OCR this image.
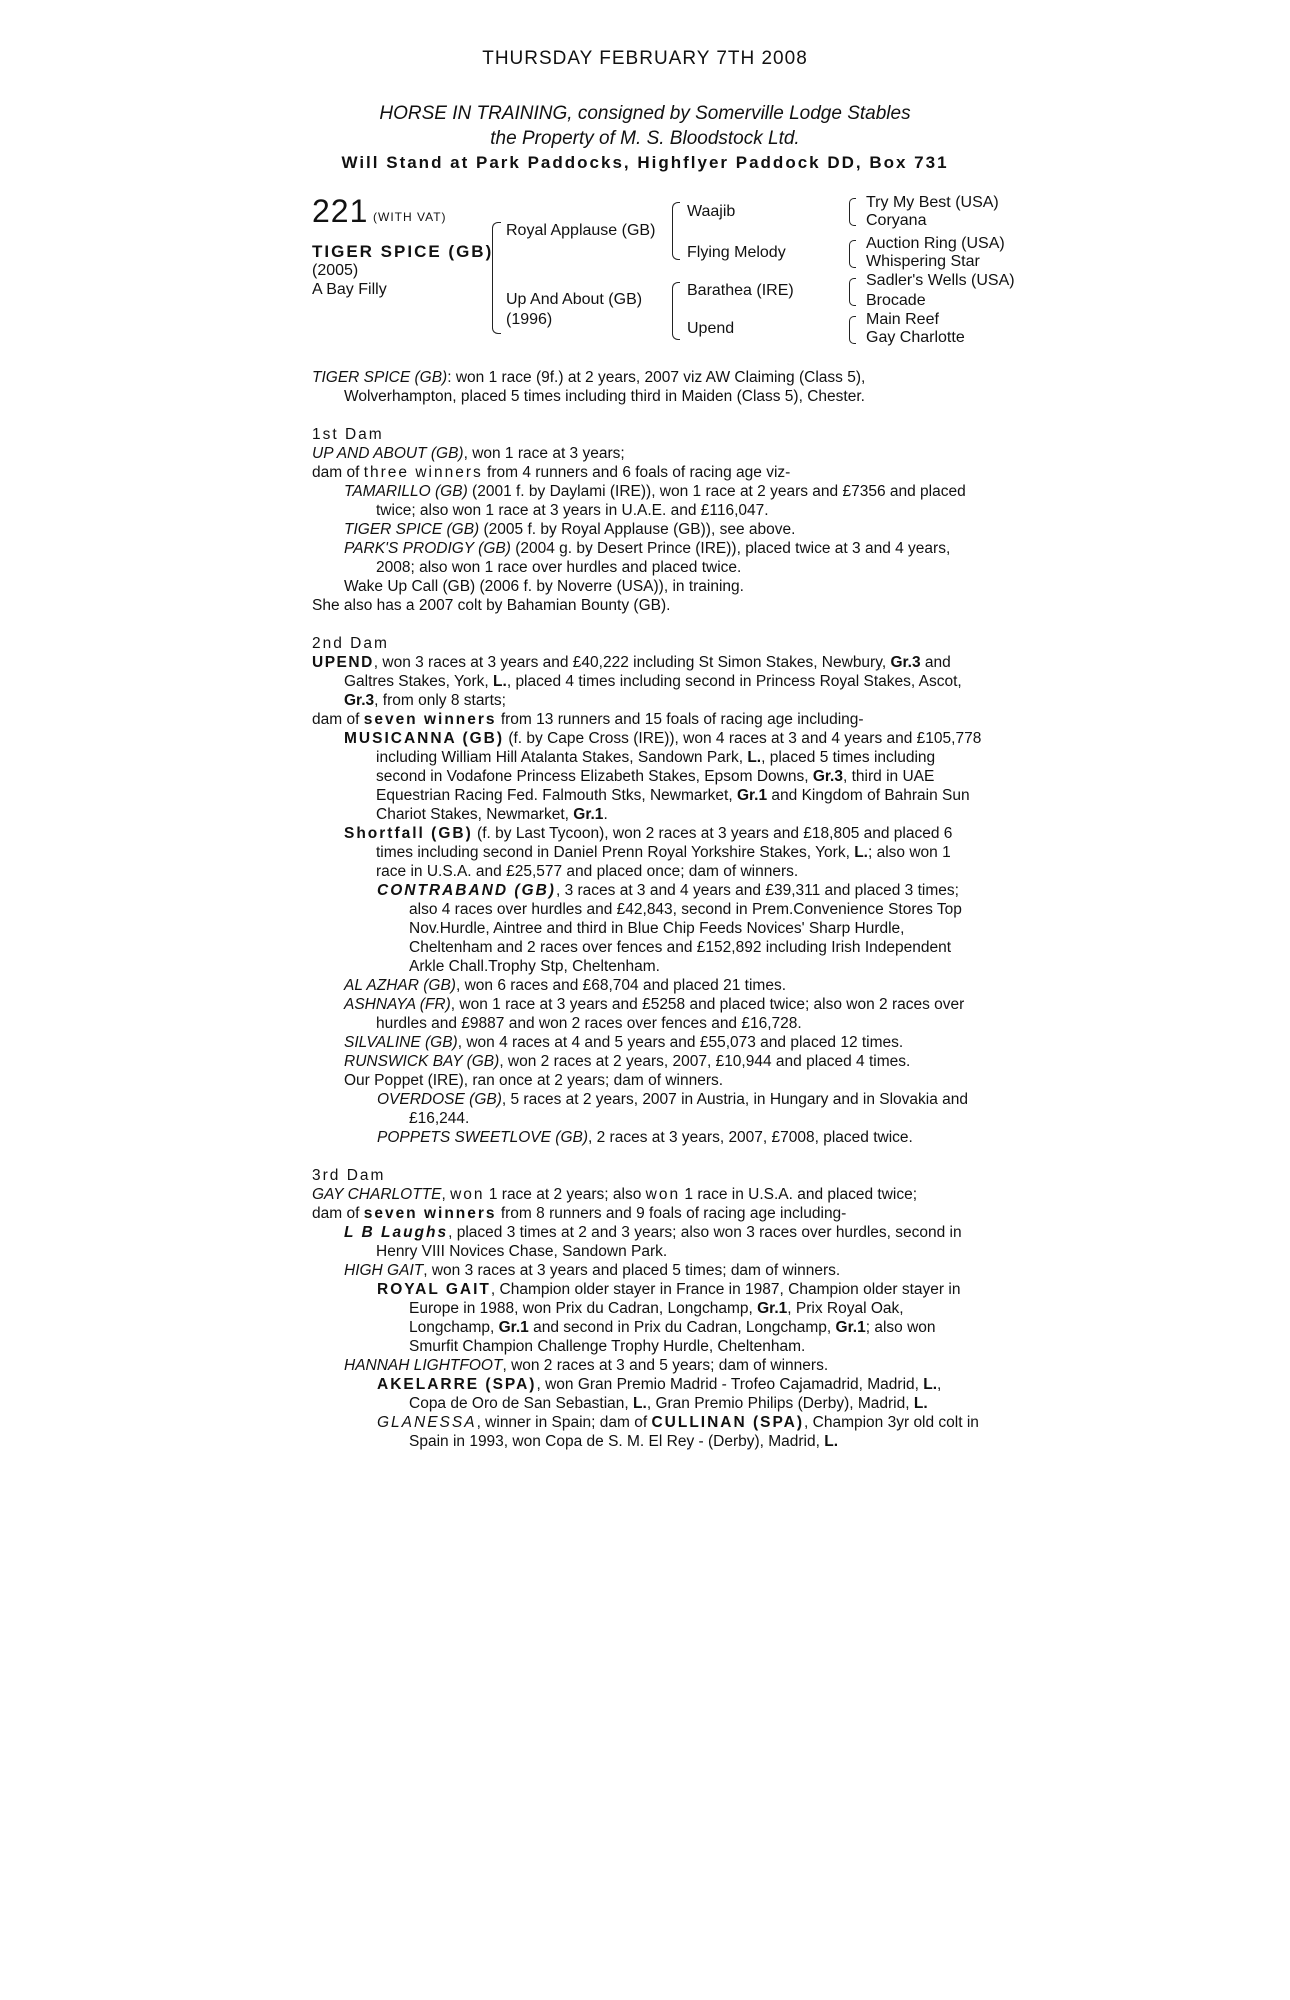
THURSDAY FEBRUARY 7TH 2008
HORSE IN TRAINING, consigned by Somerville Lodge Stables
the Property of M. S. Bloodstock Ltd.
Will Stand at Park Paddocks, Highflyer Paddock DD, Box 731
221 (WITH VAT)
TIGER SPICE (GB)
(2005)
A Bay Filly
Royal Applause (GB)
Up And About (GB)
(1996)
Waajib
Flying Melody
Barathea (IRE)
Upend
Try My Best (USA)
Coryana
Auction Ring (USA)
Whispering Star
Sadler's Wells (USA)
Brocade
Main Reef
Gay Charlotte

TIGER SPICE (GB): won 1 race (9f.) at 2 years, 2007 viz AW Claiming (Class 5), Wolverhampton, placed 5 times including third in Maiden (Class 5), Chester.

1st Dam

UP AND ABOUT (GB), won 1 race at 3 years;

dam of three winners from 4 runners and 6 foals of racing age viz-

TAMARILLO (GB) (2001 f. by Daylami (IRE)), won 1 race at 2 years and £7356 and placed twice; also won 1 race at 3 years in U.A.E. and £116,047.

TIGER SPICE (GB) (2005 f. by Royal Applause (GB)), see above.

PARK'S PRODIGY (GB) (2004 g. by Desert Prince (IRE)), placed twice at 3 and 4 years, 2008; also won 1 race over hurdles and placed twice.

Wake Up Call (GB) (2006 f. by Noverre (USA)), in training.

She also has a 2007 colt by Bahamian Bounty (GB).

2nd Dam

UPEND, won 3 races at 3 years and £40,222 including St Simon Stakes, Newbury, Gr.3 and Galtres Stakes, York, L., placed 4 times including second in Princess Royal Stakes, Ascot, Gr.3, from only 8 starts;

dam of seven winners from 13 runners and 15 foals of racing age including-

MUSICANNA (GB) (f. by Cape Cross (IRE)), won 4 races at 3 and 4 years and £105,778 including William Hill Atalanta Stakes, Sandown Park, L., placed 5 times including second in Vodafone Princess Elizabeth Stakes, Epsom Downs, Gr.3, third in UAE Equestrian Racing Fed. Falmouth Stks, Newmarket, Gr.1 and Kingdom of Bahrain Sun Chariot Stakes, Newmarket, Gr.1.

Shortfall (GB) (f. by Last Tycoon), won 2 races at 3 years and £18,805 and placed 6 times including second in Daniel Prenn Royal Yorkshire Stakes, York, L.; also won 1 race in U.S.A. and £25,577 and placed once; dam of winners.

CONTRABAND (GB), 3 races at 3 and 4 years and £39,311 and placed 3 times; also 4 races over hurdles and £42,843, second in Prem.Convenience Stores Top Nov.Hurdle, Aintree and third in Blue Chip Feeds Novices' Sharp Hurdle, Cheltenham and 2 races over fences and £152,892 including Irish Independent Arkle Chall.Trophy Stp, Cheltenham.

AL AZHAR (GB), won 6 races and £68,704 and placed 21 times.

ASHNAYA (FR), won 1 race at 3 years and £5258 and placed twice; also won 2 races over hurdles and £9887 and won 2 races over fences and £16,728.

SILVALINE (GB), won 4 races at 4 and 5 years and £55,073 and placed 12 times.

RUNSWICK BAY (GB), won 2 races at 2 years, 2007, £10,944 and placed 4 times.

Our Poppet (IRE), ran once at 2 years; dam of winners.

OVERDOSE (GB), 5 races at 2 years, 2007 in Austria, in Hungary and in Slovakia and £16,244.

POPPETS SWEETLOVE (GB), 2 races at 3 years, 2007, £7008, placed twice.

3rd Dam

GAY CHARLOTTE, won 1 race at 2 years; also won 1 race in U.S.A. and placed twice;

dam of seven winners from 8 runners and 9 foals of racing age including-

L B Laughs, placed 3 times at 2 and 3 years; also won 3 races over hurdles, second in Henry VIII Novices Chase, Sandown Park.

HIGH GAIT, won 3 races at 3 years and placed 5 times; dam of winners.

ROYAL GAIT, Champion older stayer in France in 1987, Champion older stayer in Europe in 1988, won Prix du Cadran, Longchamp, Gr.1, Prix Royal Oak, Longchamp, Gr.1 and second in Prix du Cadran, Longchamp, Gr.1; also won Smurfit Champion Challenge Trophy Hurdle, Cheltenham.

HANNAH LIGHTFOOT, won 2 races at 3 and 5 years; dam of winners.

AKELARRE (SPA), won Gran Premio Madrid - Trofeo Cajamadrid, Madrid, L., Copa de Oro de San Sebastian, L., Gran Premio Philips (Derby), Madrid, L.

GLANESSA, winner in Spain; dam of CULLINAN (SPA), Champion 3yr old colt in Spain in 1993, won Copa de S. M. El Rey - (Derby), Madrid, L.
